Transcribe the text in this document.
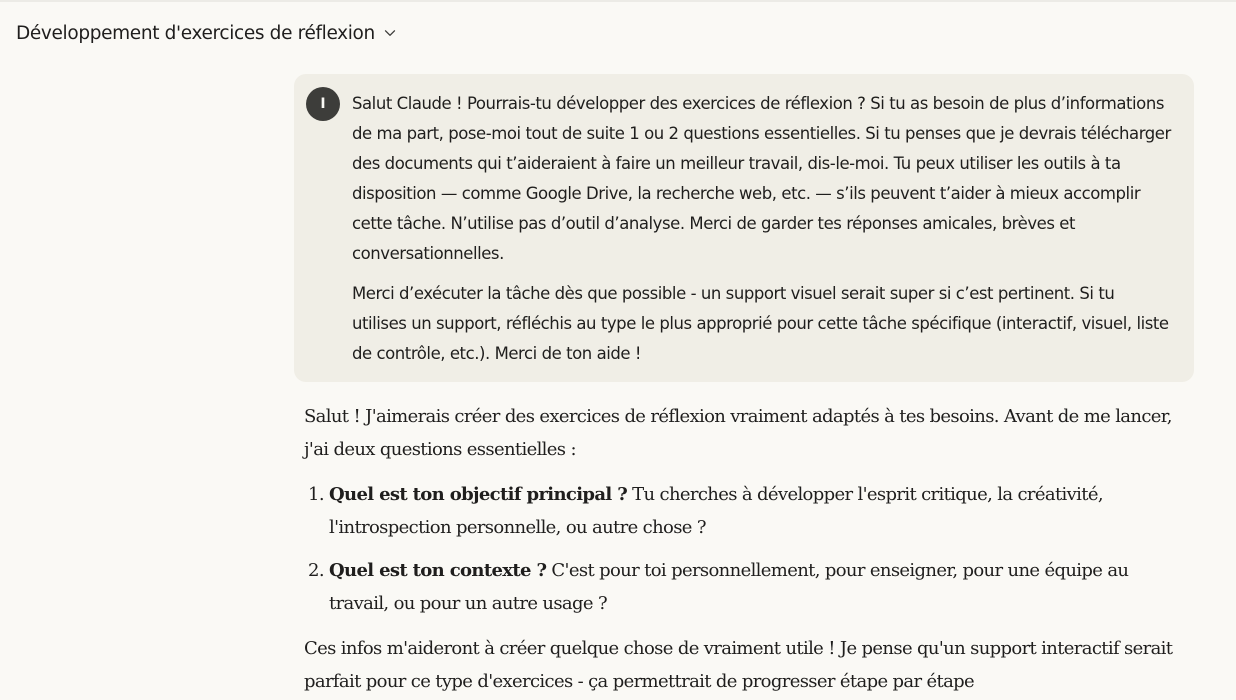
Développement d'exercices de réflexion
I	Salut Claude ! Pourrais-tu développer des exercices de réflexion ? Si tu as besoin de plus d’informations de ma part, pose-moi tout de suite 1 ou 2 questions essentielles. Si tu penses que je devrais télécharger des documents qui t’aideraient à faire un meilleur travail, dis-le-moi. Tu peux utiliser les outils à ta disposition — comme Google Drive, la recherche web, etc. — s’ils peuvent t’aider à mieux accomplir cette tâche. N’utilise pas d’outil d’analyse. Merci de garder tes réponses amicales, brèves et conversationnelles.

Merci d’exécuter la tâche dès que possible - un support visuel serait super si c’est pertinent. Si tu utilises un support, réfléchis au type le plus approprié pour cette tâche spécifique (interactif, visuel, liste de contrôle, etc.). Merci de ton aide !

Salut ! J'aimerais créer des exercices de réflexion vraiment adaptés à tes besoins. Avant de me lancer, j'ai deux questions essentielles :

1. Quel est ton objectif principal ? Tu cherches à développer l'esprit critique, la créativité, l'introspection personnelle, ou autre chose ?
2. Quel est ton contexte ? C'est pour toi personnellement, pour enseigner, pour une équipe au travail, ou pour un autre usage ?

Ces infos m'aideront à créer quelque chose de vraiment utile ! Je pense qu'un support interactif serait parfait pour ce type d'exercices - ça permettrait de progresser étape par étape
